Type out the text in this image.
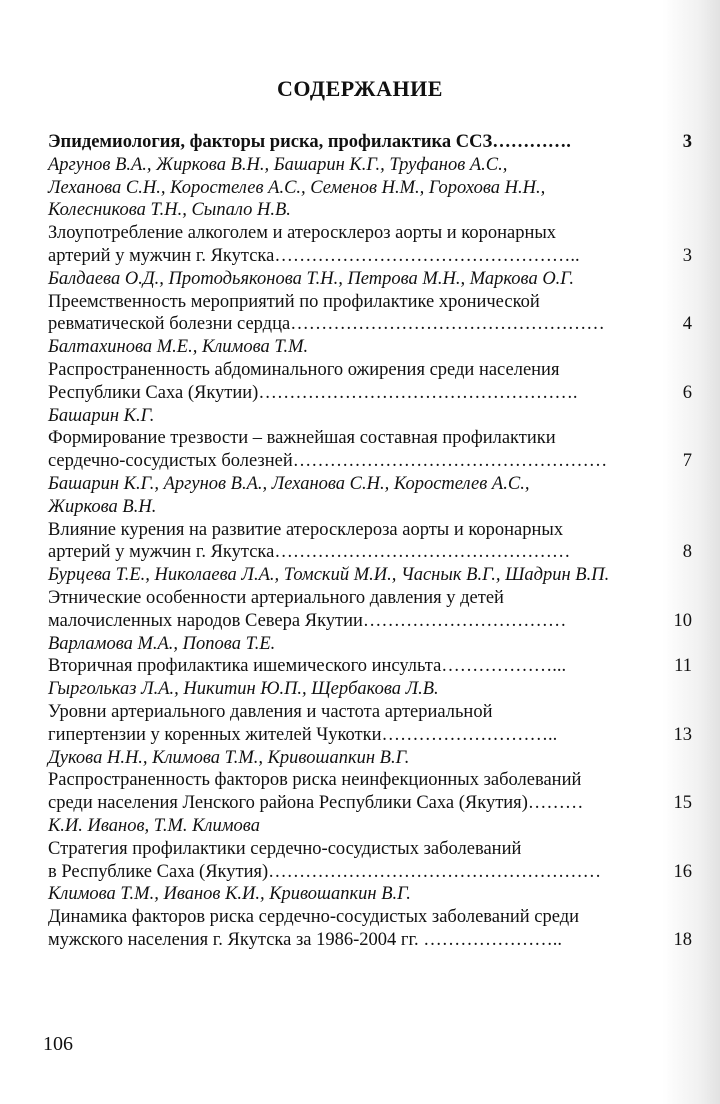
СОДЕРЖАНИЕ
Эпидемиология, факторы риска, профилактика ССЗ………….	3
Аргунов В.А., Жиркова В.Н., Башарин К.Г., Труфанов А.С.,
Леханова С.Н., Коростелев А.С., Семенов Н.М., Горохова Н.Н.,
Колесникова Т.Н., Сыпало Н.В.
Злоупотребление алкоголем и атеросклероз аорты и коронарных
артерий у мужчин г. Якутска…………………………………………..	3
Балдаева О.Д., Протодьяконова Т.Н., Петрова М.Н., Маркова О.Г.
Преемственность мероприятий по профилактике хронической
ревматической болезни сердца……………………………………………	4
Балтахинова М.Е., Климова Т.М.
Распространенность абдоминального ожирения среди населения
Республики Саха (Якутии)…………………………………………….	6
Башарин К.Г.
Формирование трезвости – важнейшая составная профилактики
сердечно-сосудистых болезней……………………………………………	7
Башарин К.Г., Аргунов В.А., Леханова С.Н., Коростелев А.С.,
Жиркова В.Н.
Влияние курения на развитие атеросклероза аорты и коронарных
артерий у мужчин г. Якутска…………………………………………	8
Бурцева Т.Е., Николаева Л.А., Томский М.И., Часнык В.Г., Шадрин В.П.
Этнические особенности артериального давления у детей
малочисленных народов Севера Якутии……………………………	10
Варламова М.А., Попова Т.Е.
Вторичная профилактика ишемического инсульта………………...	11
Гыргольказ Л.А., Никитин Ю.П., Щербакова Л.В.
Уровни артериального давления и частота артериальной
гипертензии у коренных жителей Чукотки………………………..	13
Дукова Н.Н., Климова Т.М., Кривошапкин В.Г.
Распространенность факторов риска неинфекционных заболеваний
среди населения Ленского района Республики Саха (Якутия)………	15
К.И. Иванов, Т.М. Климова
Стратегия профилактики сердечно-сосудистых заболеваний
в Республике Саха (Якутия)………………………………………………	16
Климова Т.М., Иванов К.И., Кривошапкин В.Г.
Динамика факторов риска сердечно-сосудистых заболеваний среди
мужского населения г. Якутска за 1986-2004 гг. …………………..	18
106
